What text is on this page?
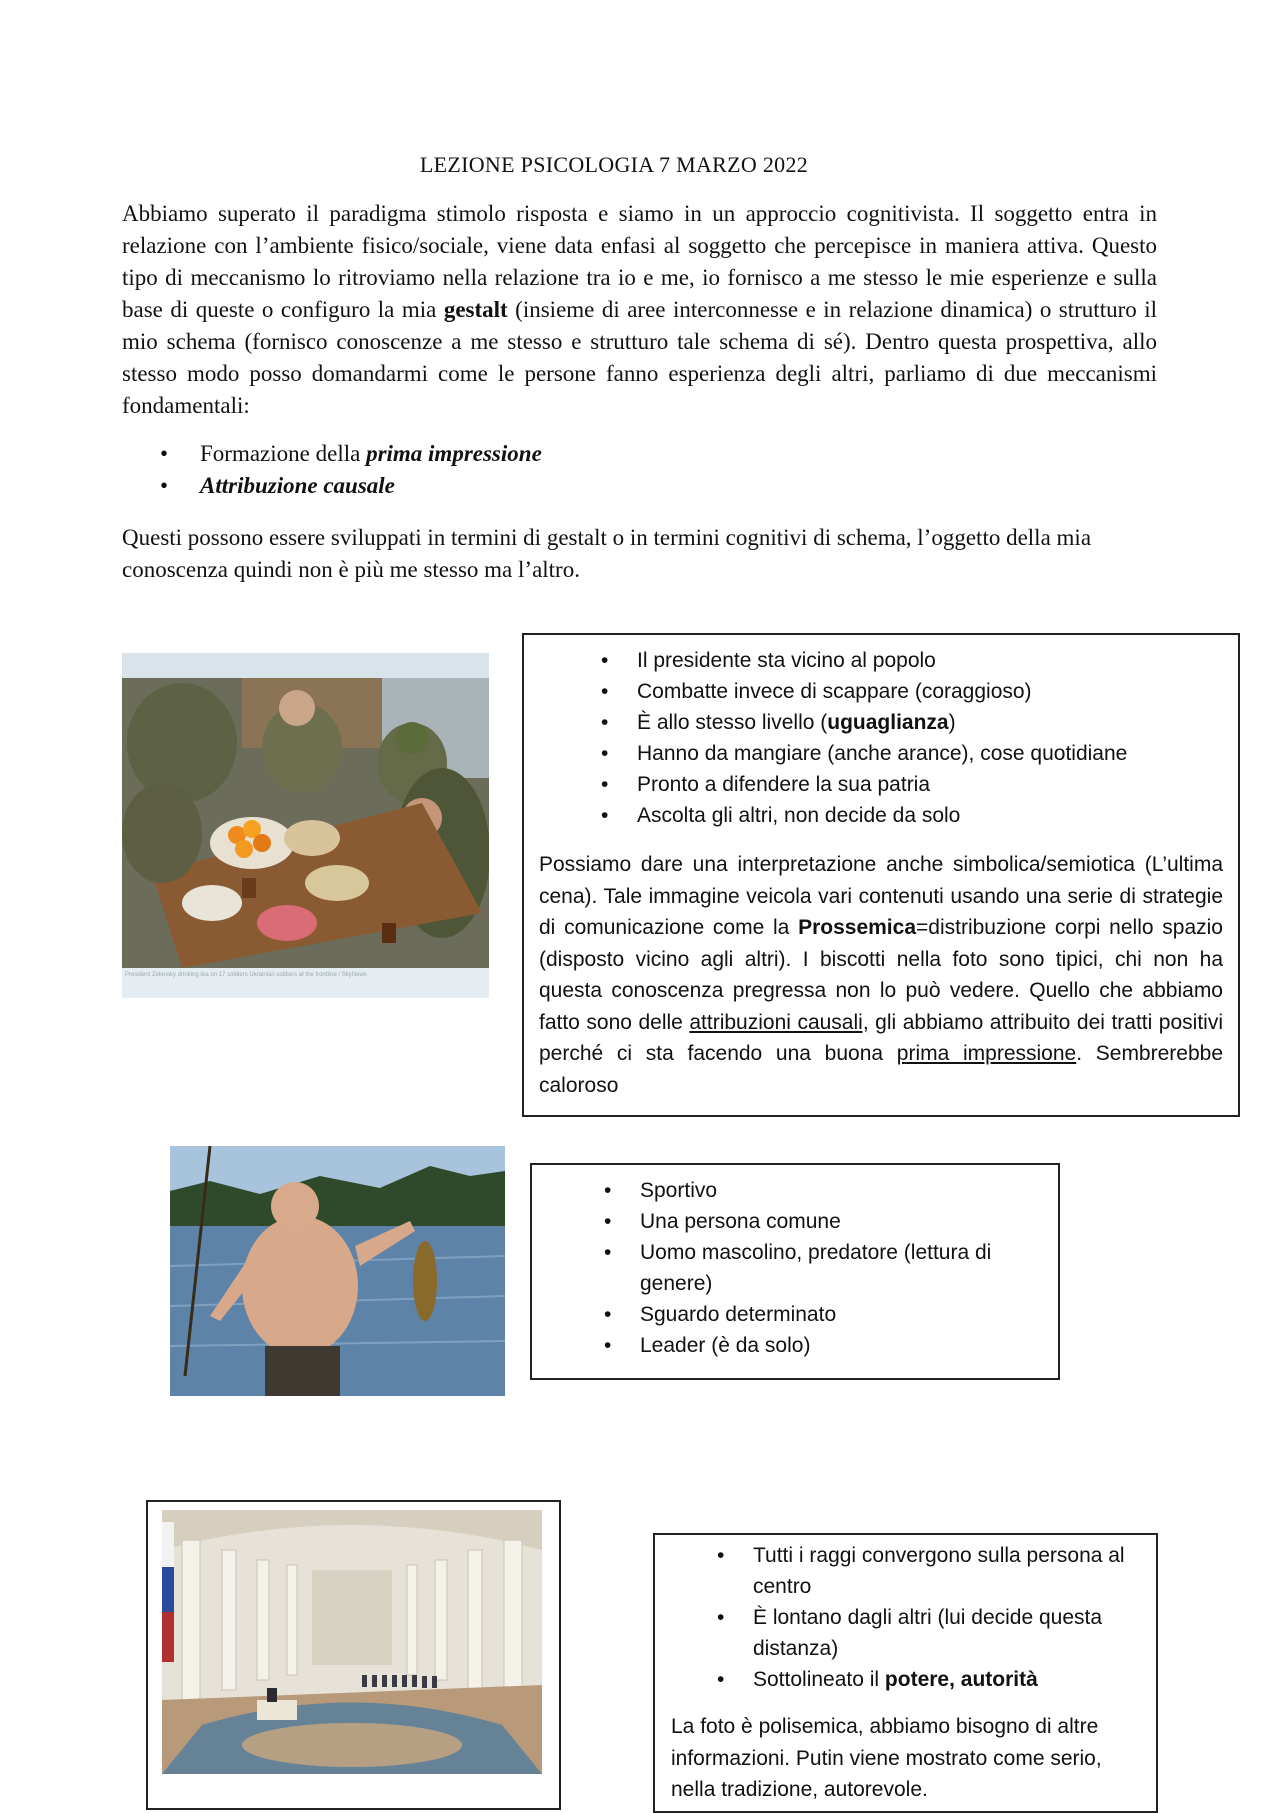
LEZIONE PSICOLOGIA 7 MARZO 2022

Abbiamo superato il paradigma stimolo risposta e siamo in un approccio cognitivista. Il soggetto entra in relazione con l’ambiente fisico/sociale, viene data enfasi al soggetto che percepisce in maniera attiva. Questo tipo di meccanismo lo ritroviamo nella relazione tra io e me, io fornisco a me stesso le mie esperienze e sulla base di queste o configuro la mia gestalt (insieme di aree interconnesse e in relazione dinamica) o strutturo il mio schema (fornisco conoscenze a me stesso e strutturo tale schema di sé). Dentro questa prospettiva, allo stesso modo posso domandarmi come le persone fanno esperienza degli altri, parliamo di due meccanismi fondamentali:

• Formazione della prima impressione
• Attribuzione causale

Questi possono essere sviluppati in termini di gestalt o in termini cognitivi di schema, l’oggetto della mia conoscenza quindi non è più me stesso ma l’altro.

President Zelensky drinking tea on 17 soldiers Ukrainian soldiers at the frontline / SkyNews
• Il presidente sta vicino al popolo
• Combatte invece di scappare (coraggioso)
• È allo stesso livello (uguaglianza)
• Hanno da mangiare (anche arance), cose quotidiane
• Pronto a difendere la sua patria
• Ascolta gli altri, non decide da solo

Possiamo dare una interpretazione anche simbolica/semiotica (L’ultima cena). Tale immagine veicola vari contenuti usando una serie di strategie di comunicazione come la Prossemica=distribuzione corpi nello spazio (disposto vicino agli altri). I biscotti nella foto sono tipici, chi non ha questa conoscenza pregressa non lo può vedere. Quello che abbiamo fatto sono delle attribuzioni causali, gli abbiamo attribuito dei tratti positivi perché ci sta facendo una buona prima impressione. Sembrerebbe caloroso

• Sportivo
• Una persona comune
• Uomo mascolino, predatore (lettura di genere)
• Sguardo determinato
• Leader (è da solo)
• Tutti i raggi convergono sulla persona al centro
• È lontano dagli altri (lui decide questa distanza)
• Sottolineato il potere, autorità

La foto è polisemica, abbiamo bisogno di altre informazioni. Putin viene mostrato come serio, nella tradizione, autorevole.
